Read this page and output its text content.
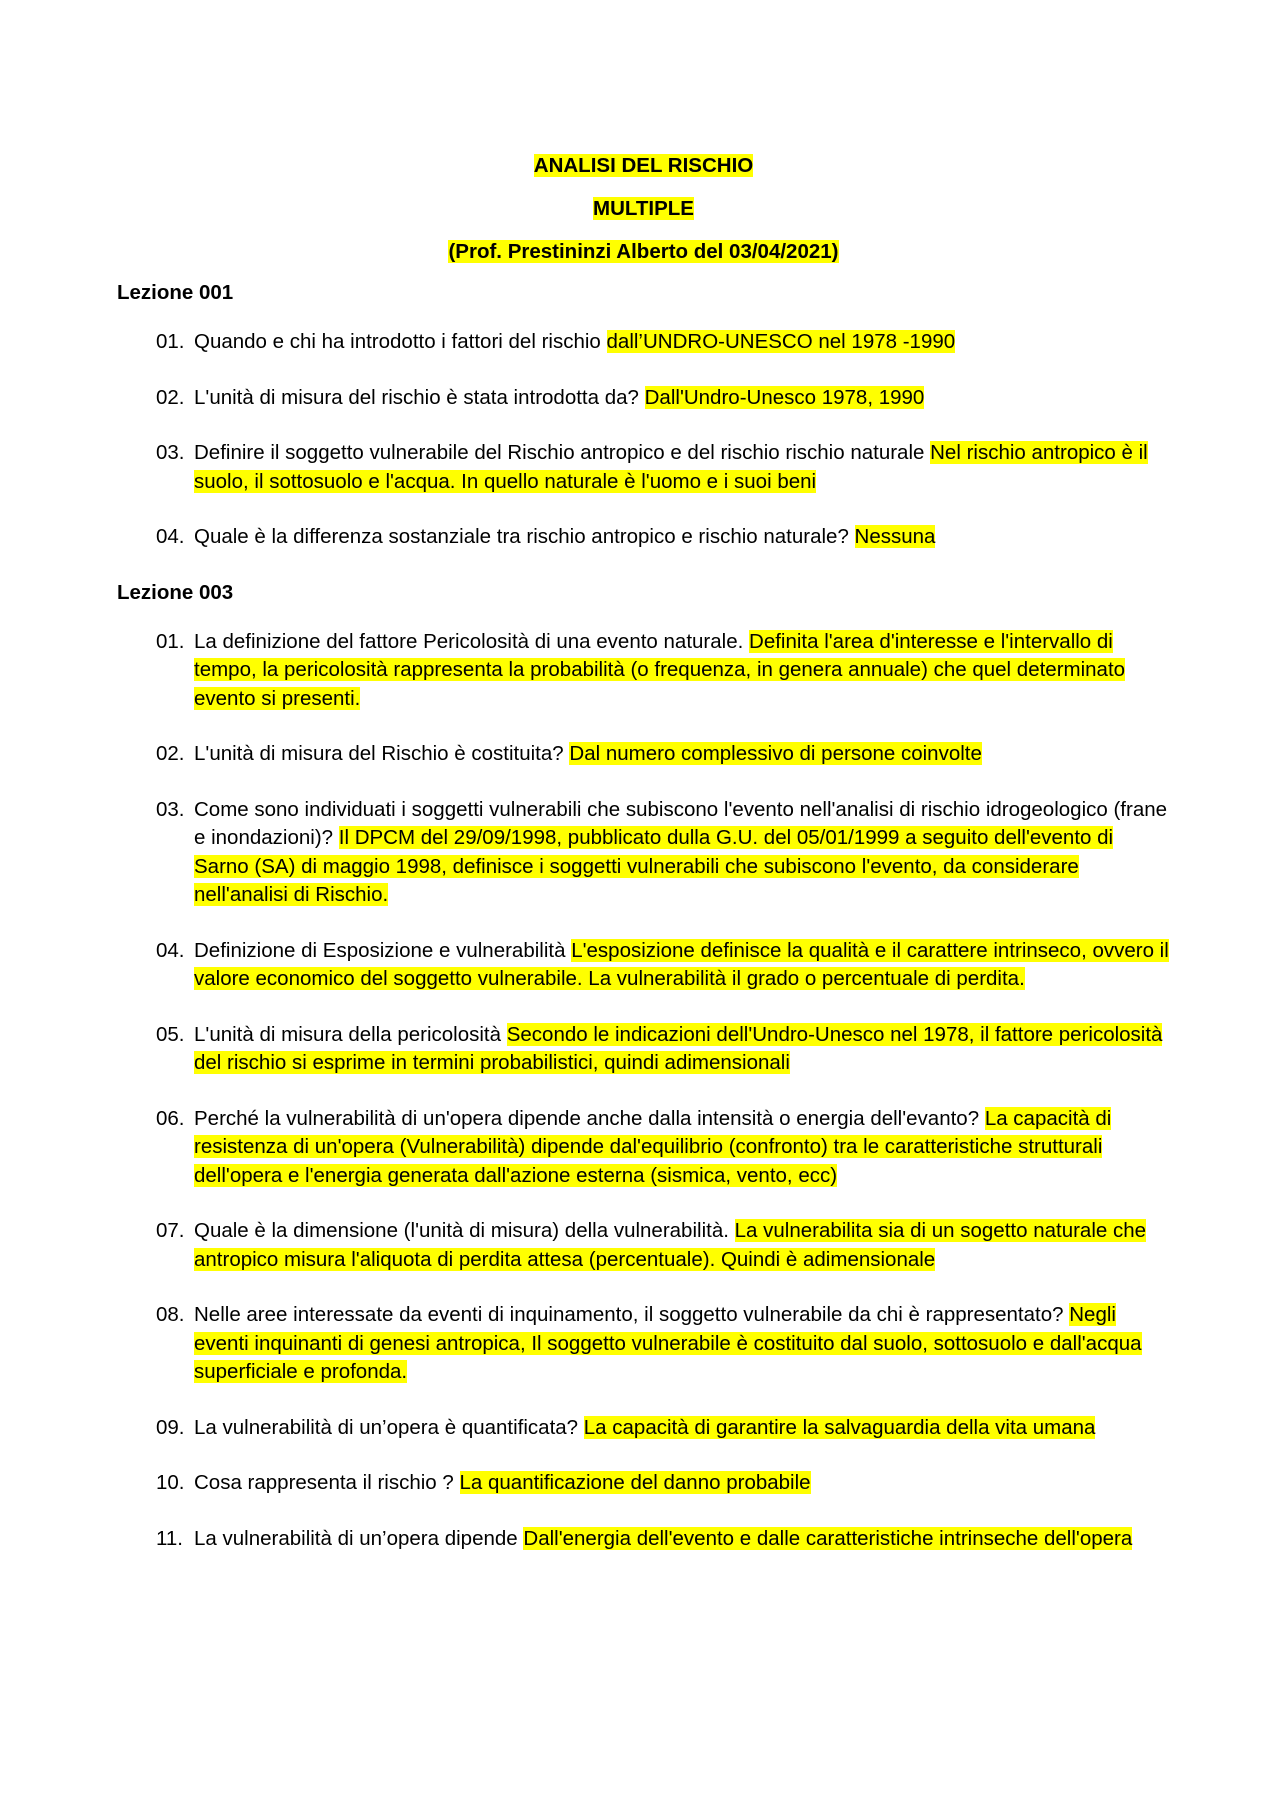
ANALISI DEL RISCHIO
MULTIPLE
(Prof. Prestininzi Alberto del 03/04/2021)
Lezione 001
01. Quando e chi ha introdotto i fattori del rischio dall’UNDRO-UNESCO nel 1978 -1990
02. L'unità di misura del rischio è stata introdotta da? Dall'Undro-Unesco 1978, 1990
03. Definire il soggetto vulnerabile del Rischio antropico e del rischio rischio naturale Nel rischio antropico è il suolo, il sottosuolo e l'acqua. In quello naturale è l'uomo e i suoi beni
04. Quale è la differenza sostanziale tra rischio antropico e rischio naturale? Nessuna
Lezione 003
01. La definizione del fattore Pericolosità di una evento naturale. Definita l'area d'interesse e l'intervallo di tempo, la pericolosità rappresenta la probabilità (o frequenza, in genera annuale) che quel determinato evento si presenti.
02. L'unità di misura del Rischio è costituita? Dal numero complessivo di persone coinvolte
03. Come sono individuati i soggetti vulnerabili che subiscono l'evento nell'analisi di rischio idrogeologico (frane e inondazioni)? Il DPCM del 29/09/1998, pubblicato dulla G.U. del 05/01/1999 a seguito dell'evento di Sarno (SA) di maggio 1998, definisce i soggetti vulnerabili che subiscono l'evento, da considerare nell'analisi di Rischio.
04. Definizione di Esposizione e vulnerabilità L'esposizione definisce la qualità e il carattere intrinseco, ovvero il valore economico del soggetto vulnerabile. La vulnerabilità il grado o percentuale di perdita.
05. L'unità di misura della pericolosità Secondo le indicazioni dell'Undro-Unesco nel 1978, il fattore pericolosità del rischio si esprime in termini probabilistici, quindi adimensionali
06. Perché la vulnerabilità di un'opera dipende anche dalla intensità o energia dell'evanto? La capacità di resistenza di un'opera (Vulnerabilità) dipende dal'equilibrio (confronto) tra le caratteristiche strutturali dell'opera e l'energia generata dall'azione esterna (sismica, vento, ecc)
07. Quale è la dimensione (l'unità di misura) della vulnerabilità. La vulnerabilita sia di un sogetto naturale che antropico misura l'aliquota di perdita attesa (percentuale). Quindi è adimensionale
08. Nelle aree interessate da eventi di inquinamento, il soggetto vulnerabile da chi è rappresentato? Negli eventi inquinanti di genesi antropica, Il soggetto vulnerabile è costituito dal suolo, sottosuolo e dall'acqua superficiale e profonda.
09. La vulnerabilità di un’opera è quantificata? La capacità di garantire la salvaguardia della vita umana
10. Cosa rappresenta il rischio ? La quantificazione del danno probabile
11. La vulnerabilità di un’opera dipende Dall'energia dell'evento e dalle caratteristiche intrinseche dell'opera
